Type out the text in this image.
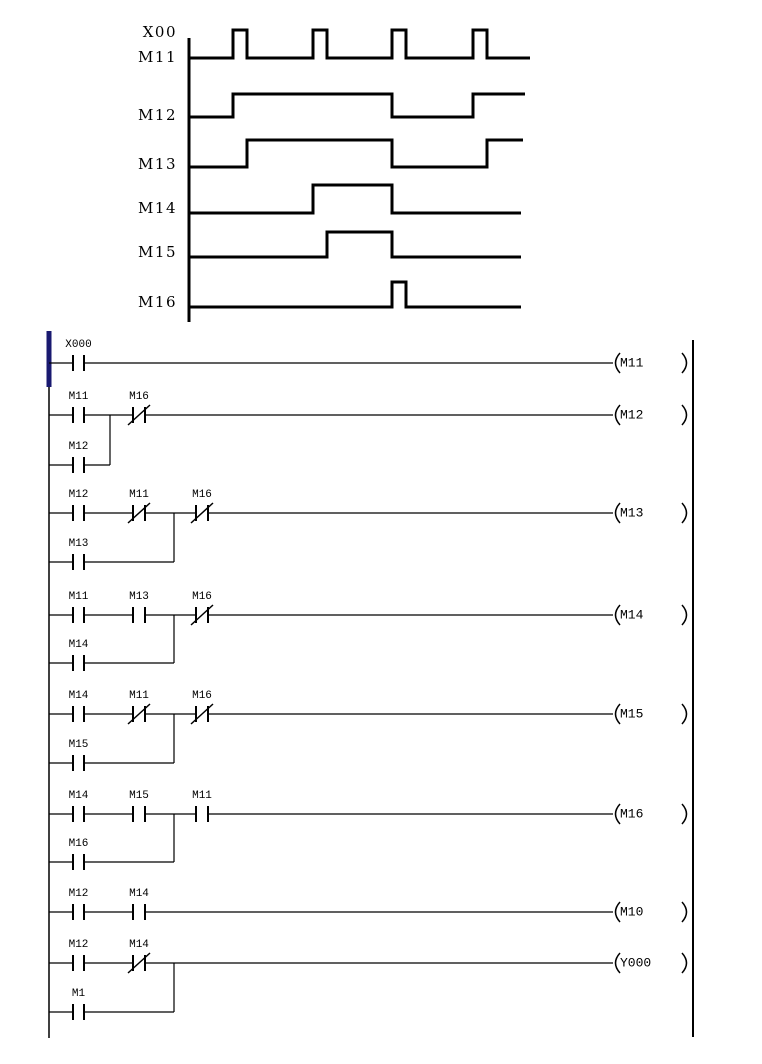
X00
M11
M12
M13
M14
M15
M16
X000
M11
M11	M16
M12
M12
M12	M11	M16
M13
M13
M11	M13	M16
M14
M14
M14	M11	M16
M15
M15
M14	M15	M11
M16
M16
M12	M14
M10
M12	M14
M1
Y000
